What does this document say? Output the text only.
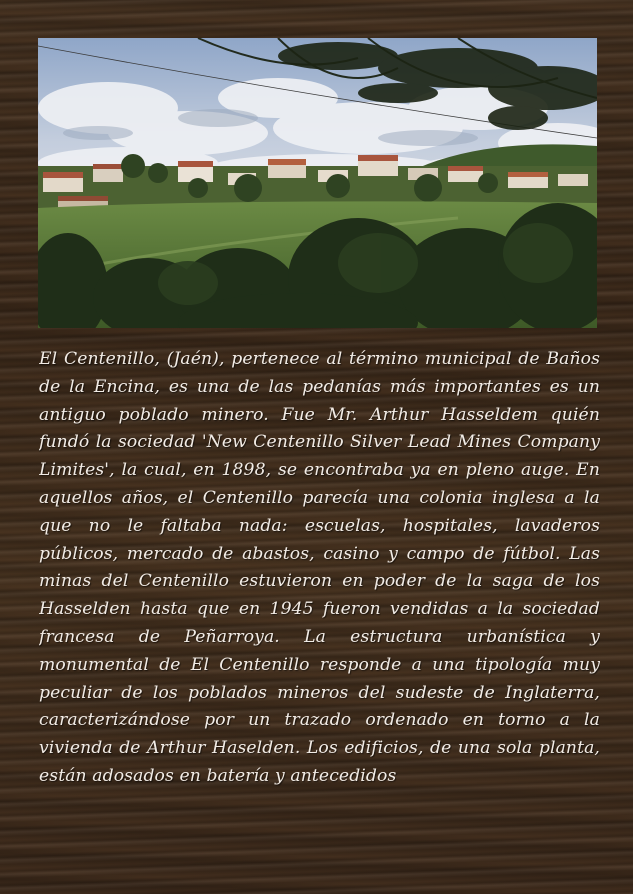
El Centenillo, (Jaén), pertenece al término municipal de Baños de la Encina, es una de las pedanías más importantes es un antiguo poblado minero. Fue Mr. Arthur Hasseldem quién fundó la sociedad 'New Centenillo Silver Lead Mines Company Limites', la cual, en 1898, se encontraba ya en pleno auge. En aquellos años, el Centenillo parecía una colonia inglesa a la que no le faltaba nada: escuelas, hospitales, lavaderos públicos, mercado de abastos, casino y campo de fútbol. Las minas del Centenillo estuvieron en poder de la saga de los Hasselden hasta que en 1945 fueron vendidas a la sociedad francesa de Peñarroya. La estructura urbanística y monumental de El Centenillo responde a una tipología muy peculiar de los poblados mineros del sudeste de Inglaterra, caracterizándose por un trazado ordenado en torno a la vivienda de Arthur Haselden. Los edificios, de una sola planta, están adosados en batería y antecedidos
